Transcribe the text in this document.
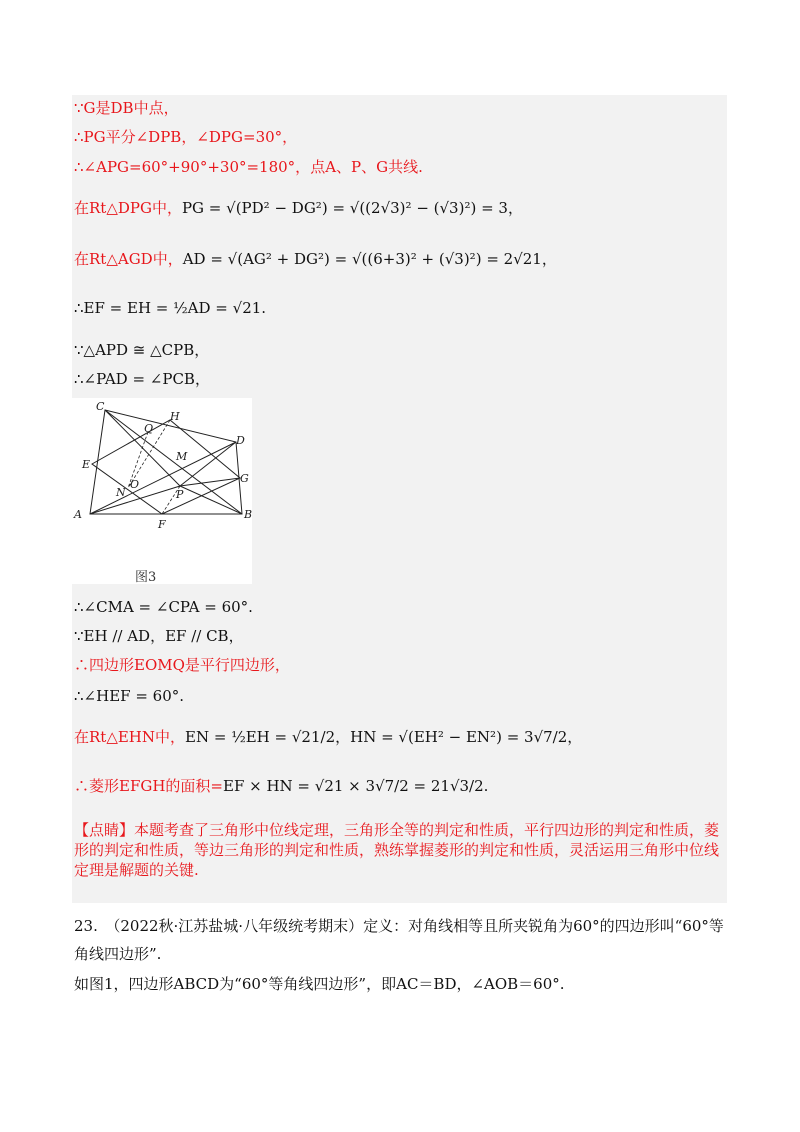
∵G是DB中点，
∴PG平分∠DPB，∠DPG=30°，
∴∠APG=60°+90°+30°=180°，点A、P、G共线.
在Rt△DPG中，PG = √(PD² − DG²) = √((2√3)² − (√3)²) = 3，
在Rt△AGD中，AD = √(AG² + DG²) = √((6+3)² + (√3)²) = 2√21，
∴EF = EH = ½AD = √21.
∵△APD ≅ △CPB，
∴∠PAD = ∠PCB，
C
H
Q
D
E
M
G
N
O
P
A
F
B
图3
∴∠CMA = ∠CPA = 60°.
∵EH // AD，EF // CB，
∴四边形EOMQ是平行四边形，
∴∠HEF = 60°.
在Rt△EHN中，EN = ½EH = √21/2，HN = √(EH² − EN²) = 3√7/2，
∴菱形EFGH的面积=EF × HN = √21 × 3√7/2 = 21√3/2.
【点睛】本题考查了三角形中位线定理，三角形全等的判定和性质，平行四边形的判定和性质，菱形的判定和性质，等边三角形的判定和性质，熟练掌握菱形的判定和性质，灵活运用三角形中位线定理是解题的关键.
23.　（2022秋·江苏盐城·八年级统考期末）定义：对角线相等且所夹锐角为60°的四边形叫“60°等角线四边形”.
如图1，四边形ABCD为“60°等角线四边形”，即AC＝BD，∠AOB＝60°.
